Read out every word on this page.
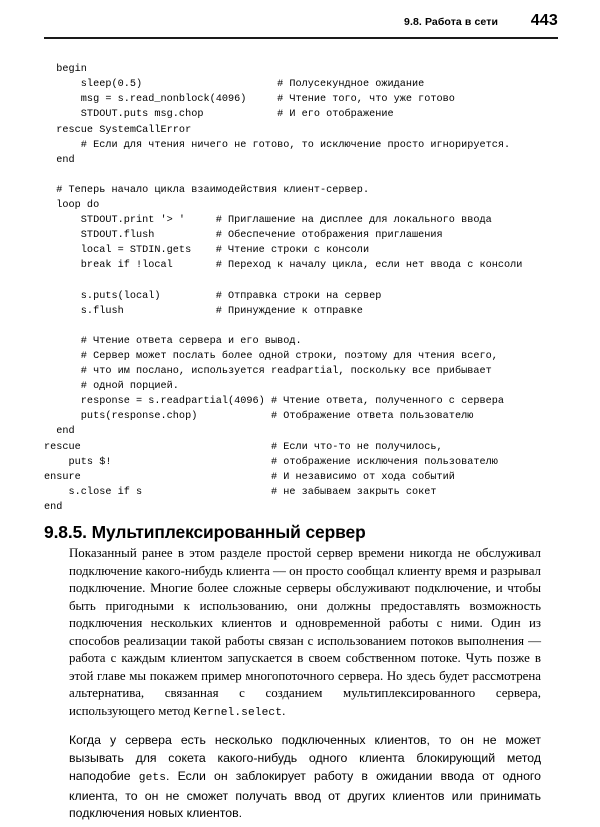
9.8. Работа в сети	443
begin
sleep(0.5)                      # Полусекундное ожидание
msg = s.read_nonblock(4096)     # Чтение того, что уже готово
STDOUT.puts msg.chop            # И его отображение
rescue SystemCallError
# Если для чтения ничего не готово, то исключение просто игнорируется.
end

# Теперь начало цикла взаимодействия клиент-сервер.
loop do
STDOUT.print '> '     # Приглашение на дисплее для локального ввода
STDOUT.flush          # Обеспечение отображения приглашения
local = STDIN.gets    # Чтение строки с консоли
break if !local       # Переход к началу цикла, если нет ввода с консоли

s.puts(local)         # Отправка строки на сервер
s.flush               # Принуждение к отправке

# Чтение ответа сервера и его вывод.
# Сервер может послать более одной строки, поэтому для чтения всего,
# что им послано, используется readpartial, поскольку все прибывает
# одной порцией.
response = s.readpartial(4096) # Чтение ответа, полученного с сервера
puts(response.chop)            # Отображение ответа пользователю
end
rescue                               # Если что-то не получилось,
puts $!                          # отображение исключения пользователю
ensure                               # И независимо от хода событий
s.close if s                     # не забываем закрыть сокет
end
9.8.5. Мультиплексированный сервер

Показанный ранее в этом разделе простой сервер времени никогда не обслуживал подключение какого-нибудь клиента — он просто сообщал клиенту время и разрывал подключение. Многие более сложные серверы обслуживают подключение, и чтобы быть пригодными к использованию, они должны предоставлять возможность подключения нескольких клиентов и одновременной работы с ними. Один из способов реализации такой работы связан с использованием потоков выполнения — работа с каждым клиентом запускается в своем собственном потоке. Чуть позже в этой главе мы покажем пример многопоточного сервера. Но здесь будет рассмотрена альтернатива, связанная с созданием мультиплексированного сервера, использующего метод Kernel.select.

Когда у сервера есть несколько подключенных клиентов, то он не может вызывать для сокета какого-нибудь одного клиента блокирующий метод наподобие gets. Если он заблокирует работу в ожидании ввода от одного клиента, то он не сможет получать ввод от других клиентов или принимать подключения новых клиентов.
